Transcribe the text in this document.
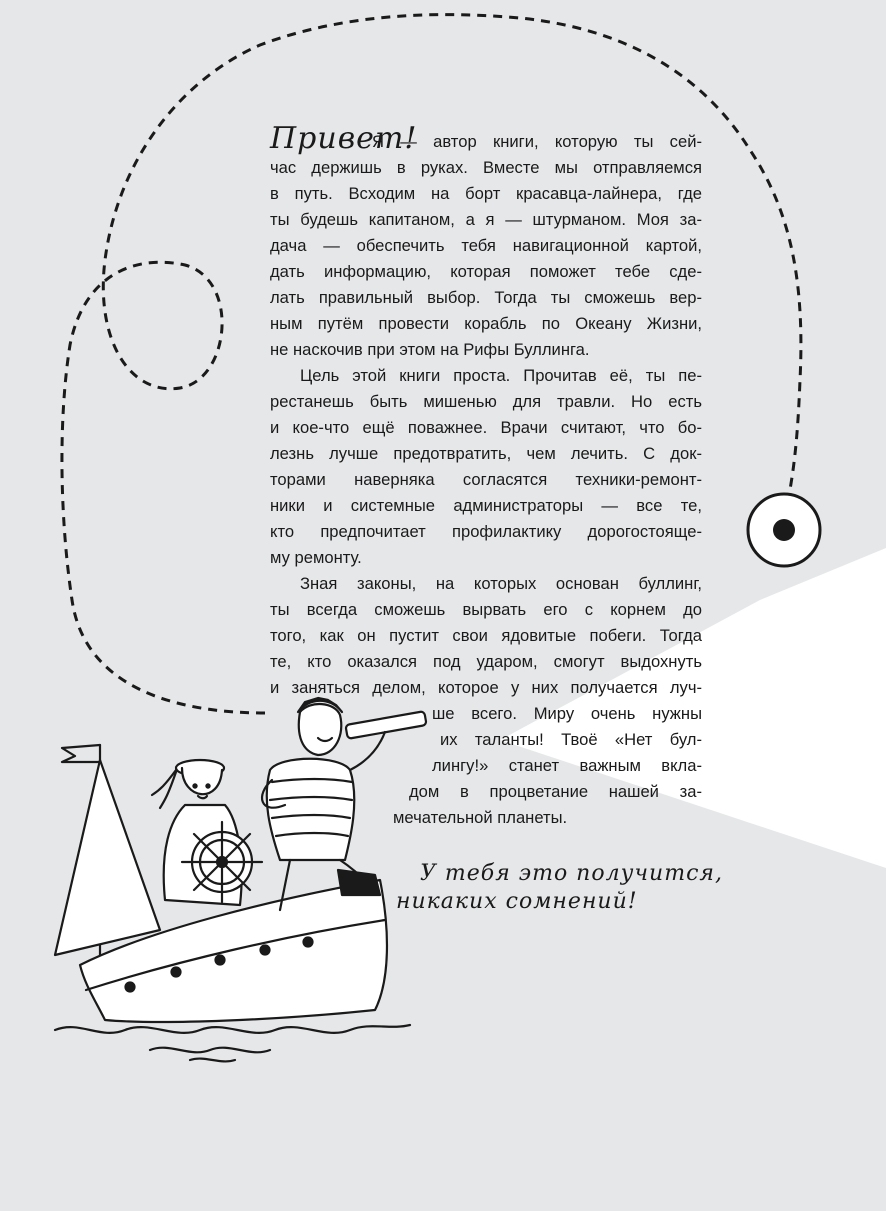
Привет!
Я — автор книги, которую ты сей-
час держишь в руках. Вместе мы отправляемся
в путь. Всходим на борт красавца-лайнера, где
ты будешь капитаном, а я — штурманом. Моя за-
дача — обеспечить тебя навигационной картой,
дать информацию, которая поможет тебе сде-
лать правильный выбор. Тогда ты сможешь вер-
ным путём провести корабль по Океану Жизни,
не наскочив при этом на Рифы Буллинга.
Цель этой книги проста. Прочитав её, ты пе-
рестанешь быть мишенью для травли. Но есть
и кое-что ещё поважнее. Врачи считают, что бо-
лезнь лучше предотвратить, чем лечить. С док-
торами наверняка согласятся техники-ремонт-
ники и системные администраторы — все те,
кто предпочитает профилактику дорогостояще-
му ремонту.
Зная законы, на которых основан буллинг,
ты всегда сможешь вырвать его с корнем до
того, как он пустит свои ядовитые побеги. Тогда
те, кто оказался под ударом, смогут выдохнуть
и заняться делом, которое у них получается луч-
ше всего. Миру очень нужны
их таланты! Твоё «Нет бул-
лингу!» станет важным вкла-
дом в процветание нашей за-
мечательной планеты.
У тебя это получится,
никаких сомнений!
